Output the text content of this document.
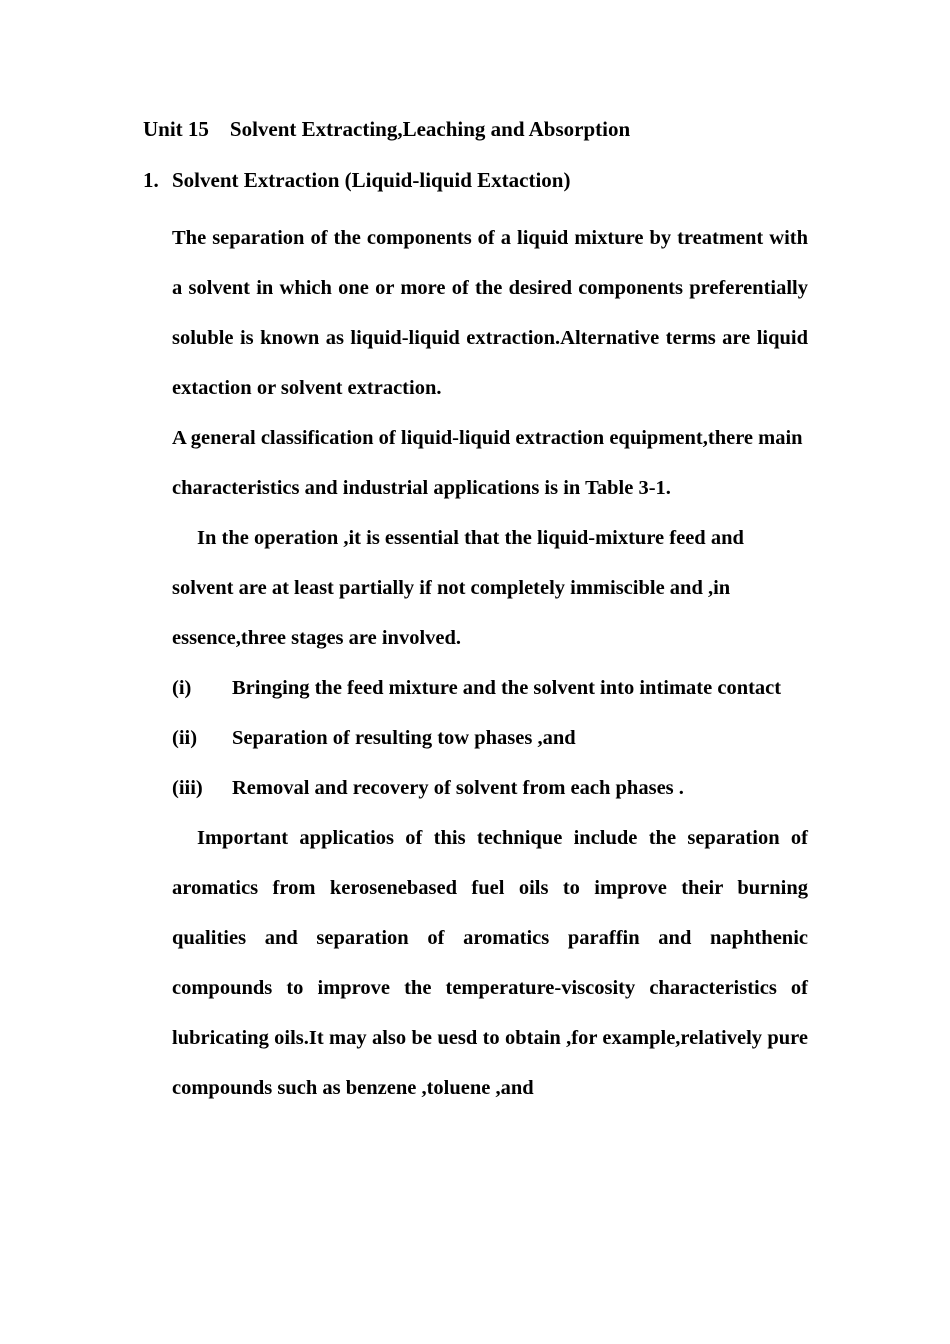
Unit 15    Solvent Extracting,Leaching and Absorption
1. Solvent Extraction (Liquid-liquid Extaction)

The separation of the components of a liquid mixture by treatment with a solvent in which one or more of the desired components preferentially soluble is known as liquid-liquid extraction.Alternative terms are liquid extaction or solvent extraction.

A general classification of liquid-liquid extraction equipment,there main characteristics and industrial applications is in Table 3-1.

In the operation ,it is essential that the liquid-mixture feed and solvent are at least partially if not completely immiscible and ,in essence,three stages are involved.

(i)	Bringing the feed mixture and the solvent into intimate contact
(ii)	Separation of resulting tow phases ,and
(iii)	Removal and recovery of solvent from each phases .

Important applicatios of this technique include the separation of aromatics from kerosenebased fuel oils to improve their burning qualities and separation of aromatics paraffin and naphthenic compounds to improve the temperature-viscosity characteristics of lubricating oils.It may also be uesd to obtain ,for example,relatively pure compounds such as benzene ,toluene ,and
